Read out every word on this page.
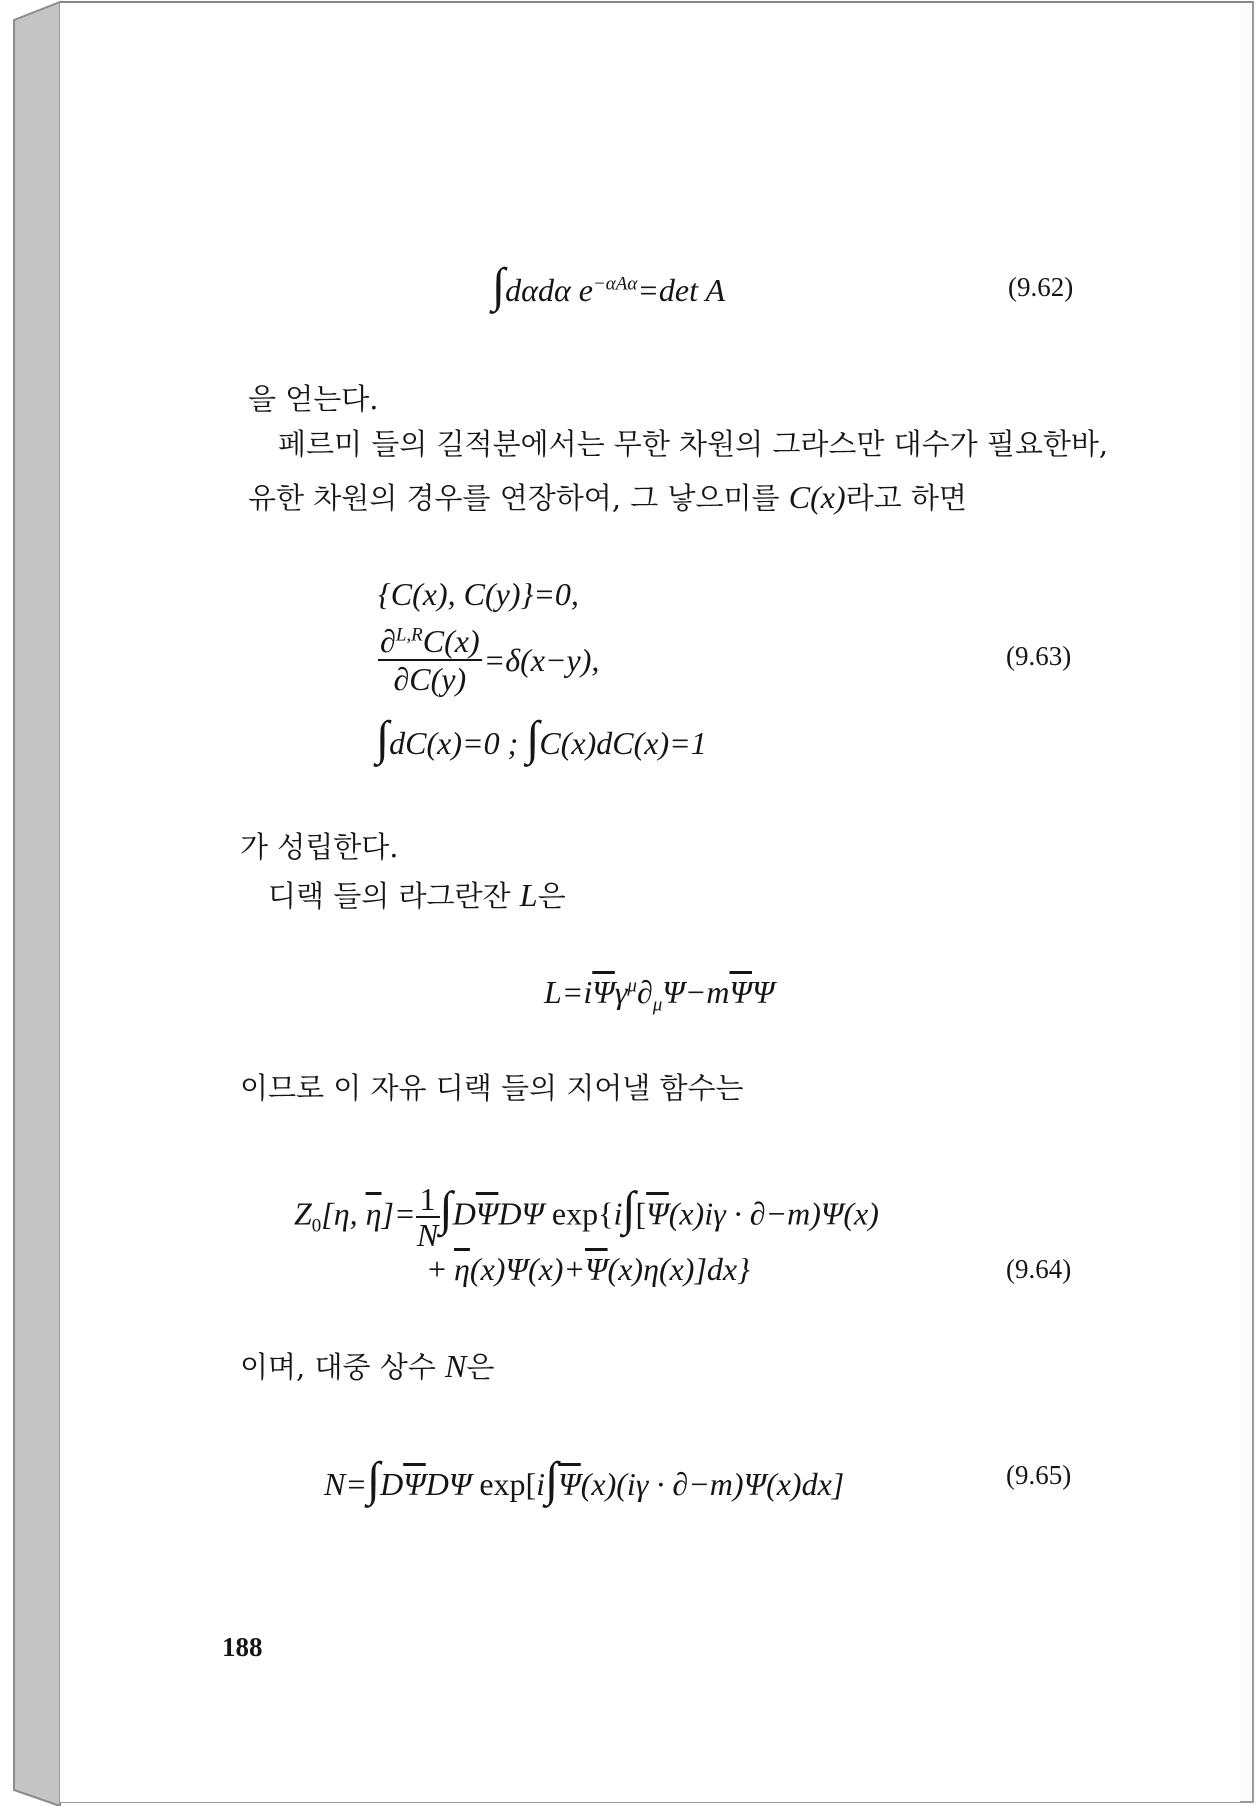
∫dαdα $e^{-\alpha A\alpha}=\det$ A	(9.62)
을 얻는다.
페르미 들의 길적분에서는 무한 차원의 그라스만 대수가 필요한바,
유한 차원의 경우를 연장하여, 그 낳으미를 C(x)라고 하면
{C(x), C(y)}=0,
$\frac{\partial^{L,R}C(x)}{\partial C(y)} =\delta(x-y)$,	(9.63)
∫dC(x)=0 ; ∫C(x)dC(x)=1
가 성립한다.
디랙 들의 라그란잔 L은
$L=i\overline{\Psi}\gamma^\mu\partial_\mu\Psi-m\overline{\Psi}\Psi$
이므로 이 자유 디랙 들의 지어낼 함수는
$Z_0[\eta$, $\overline{\eta}]= \frac{1}{N} \int D\overline{\Psi}D\Psi$ $\exp\{i\int[\overline{\Psi}(x)i\gamma \cdot \partial-m)\Psi(x)$
+ $\overline{\eta}(x)\Psi(x)+\overline{\Psi}(x)\eta(x)]dx$}	(9.64)
이며, 대중 상수 N은
$N=\int D\overline{\Psi}D\Psi$ $\exp[i\int\overline{\Psi}(x)(i\gamma \cdot \partial-m)\Psi(x)dx]$	(9.65)
188
